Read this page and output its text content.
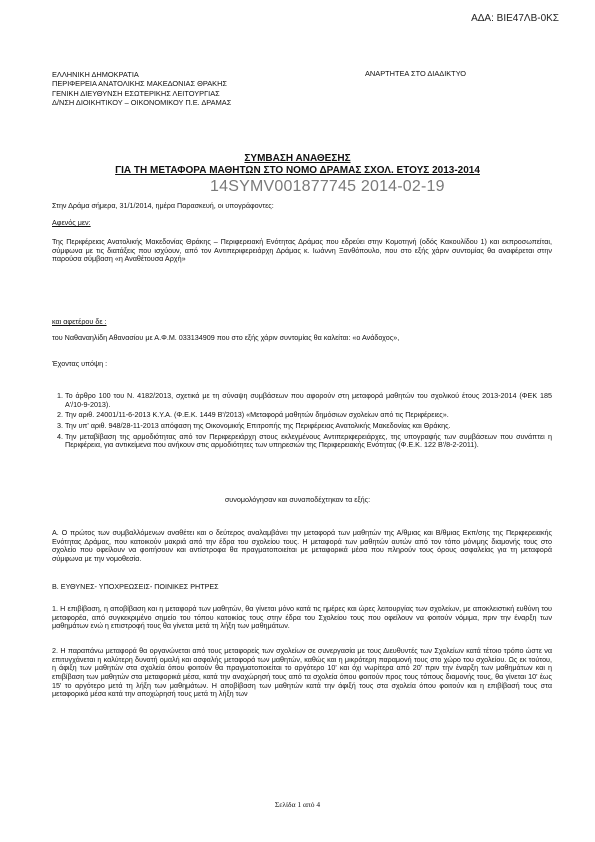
ΑΔΑ: ΒΙΕ47ΛΒ-0ΚΣ
ΕΛΛΗΝΙΚΗ ΔΗΜΟΚΡΑΤΙΑ
ΠΕΡΙΦΕΡΕΙΑ ΑΝΑΤΟΛΙΚΗΣ ΜΑΚΕΔΟΝΙΑΣ ΘΡΑΚΗΣ
ΓΕΝΙΚΗ ΔΙΕΥΘΥΝΣΗ ΕΣΩΤΕΡΙΚΗΣ ΛΕΙΤΟΥΡΓΙΑΣ
Δ/ΝΣΗ ΔΙΟΙΚΗΤΙΚΟΥ – ΟΙΚΟΝΟΜΙΚΟΥ Π.Ε. ΔΡΑΜΑΣ
ΑΝΑΡΤΗΤΕΑ ΣΤΟ ΔΙΑΔΙΚΤΥΟ
ΣΥΜΒΑΣΗ ΑΝΑΘΕΣΗΣ
ΓΙΑ ΤΗ ΜΕΤΑΦΟΡΑ ΜΑΘΗΤΩΝ ΣΤΟ ΝΟΜΟ ΔΡΑΜΑΣ ΣΧΟΛ. ΕΤΟΥΣ 2013-2014
14SYMV001877745 2014-02-19
Στην Δράμα σήμερα, 31/1/2014, ημέρα Παρασκευή, οι υπογράφοντες:
Αφενός μεν:
Της Περιφέρειας Ανατολικής Μακεδονίας Θράκης – Περιφερειακή Ενότητας Δράμας που εδρεύει στην Κομοτηνή (οδός Κακουλίδου 1) και εκπροσωπείται, σύμφωνα με τις διατάξεις που ισχύουν, από τον Αντιπεριφερειάρχη Δράμας κ. Ιωάννη Ξανθόπουλο, που στο εξής χάριν συντομίας θα αναφέρεται στην παρούσα σύμβαση «η Αναθέτουσα Αρχή»
και αφετέρου δε :
του Ναθαναηλίδη Αθανασίου με Α.Φ.Μ. 033134909 που στο εξής χάριν συντομίας θα καλείται: «ο Ανάδοχος»,
Έχοντας υπόψη :
1. Το άρθρο 100 του Ν. 4182/2013, σχετικά με τη σύναψη συμβάσεων που αφορούν στη μεταφορά μαθητών του σχολικού έτους 2013-2014 (ΦΕΚ 185 Α'/10-9-2013).
2. Την αριθ. 24001/11-6-2013 Κ.Υ.Α. (Φ.Ε.Κ. 1449 Β'/2013) «Μεταφορά μαθητών δημόσιων σχολείων από τις Περιφέρειες».
3. Την υπ' αριθ. 948/28-11-2013 απόφαση της Οικονομικής Επιτροπής της Περιφέρειας Ανατολικής Μακεδονίας και Θράκης.
4. Την μεταβίβαση της αρμοδιότητας από τον Περιφερειάρχη στους εκλεγμένους Αντιπεριφερειάρχες, της υπογραφής των συμβάσεων που συνάπτει η Περιφέρεια, για αντικείμενα που ανήκουν στις αρμοδιότητες των υπηρεσιών της Περιφερειακής Ενότητας (Φ.Ε.Κ. 122 Β'/8-2-2011).
συνομολόγησαν και συναποδέχτηκαν τα εξής:
Α. Ο πρώτος των συμβαλλόμενων αναθέτει και ο δεύτερος αναλαμβάνει την μεταφορά των μαθητών της Α/θμιας και Β/θμιας Εκπ/σης της Περιφερειακής Ενότητας Δράμας, που κατοικούν μακριά από την έδρα του σχολείου τους. Η μεταφορά των μαθητών αυτών από τον τόπο μόνιμης διαμονής τους στο σχολείο που οφείλουν να φοιτήσουν και αντίστροφα θα πραγματοποιείται με μεταφορικά μέσα που πληρούν τους όρους ασφαλείας για τη μεταφορά σύμφωνα με την νομοθεσία.
Β. ΕΥΘΥΝΕΣ- ΥΠΟΧΡΕΩΣΕΙΣ- ΠΟΙΝΙΚΕΣ ΡΗΤΡΕΣ
1. Η επιβίβαση, η αποβίβαση και η μεταφορά των μαθητών, θα γίνεται μόνο κατά τις ημέρες και ώρες λειτουργίας των σχολείων, με αποκλειστική ευθύνη του μεταφορέα, από συγκεκριμένο σημείο του τόπου κατοικίας τους στην έδρα του Σχολείου τους που οφείλουν να φοιτούν νόμιμα, πριν την έναρξη των μαθημάτων ενώ η επιστροφή τους θα γίνεται μετά τη λήξη των μαθημάτων.
2. Η παραπάνω μεταφορά θα οργανώνεται από τους μεταφορείς των σχολείων σε συνεργασία με τους Διευθυντές των Σχολείων κατά τέτοιο τρόπο ώστε να επιτυγχάνεται η καλύτερη δυνατή ομαλή και ασφαλής μεταφορά των μαθητών, καθώς και η μικρότερη παραμονή τους στο χώρο του σχολείου. Ως εκ τούτου, η άφιξη των μαθητών στα σχολεία όπου φοιτούν θα πραγματοποιείται το αργότερο 10' και όχι νωρίτερα από 20' πριν την έναρξη των μαθημάτων και η επιβίβαση των μαθητών στα μεταφορικά μέσα, κατά την αναχώρησή τους από τα σχολεία όπου φοιτούν προς τους τόπους διαμονής τους, θα γίνεται 10' έως 15' το αργότερο μετά τη λήξη των μαθημάτων. Η αποβίβαση των μαθητών κατά την άφιξή τους στα σχολεία όπου φοιτούν και η επιβίβασή τους στα μεταφορικά μέσα κατά την αποχώρησή τους μετά τη λήξη των
Σελίδα 1 από 4
